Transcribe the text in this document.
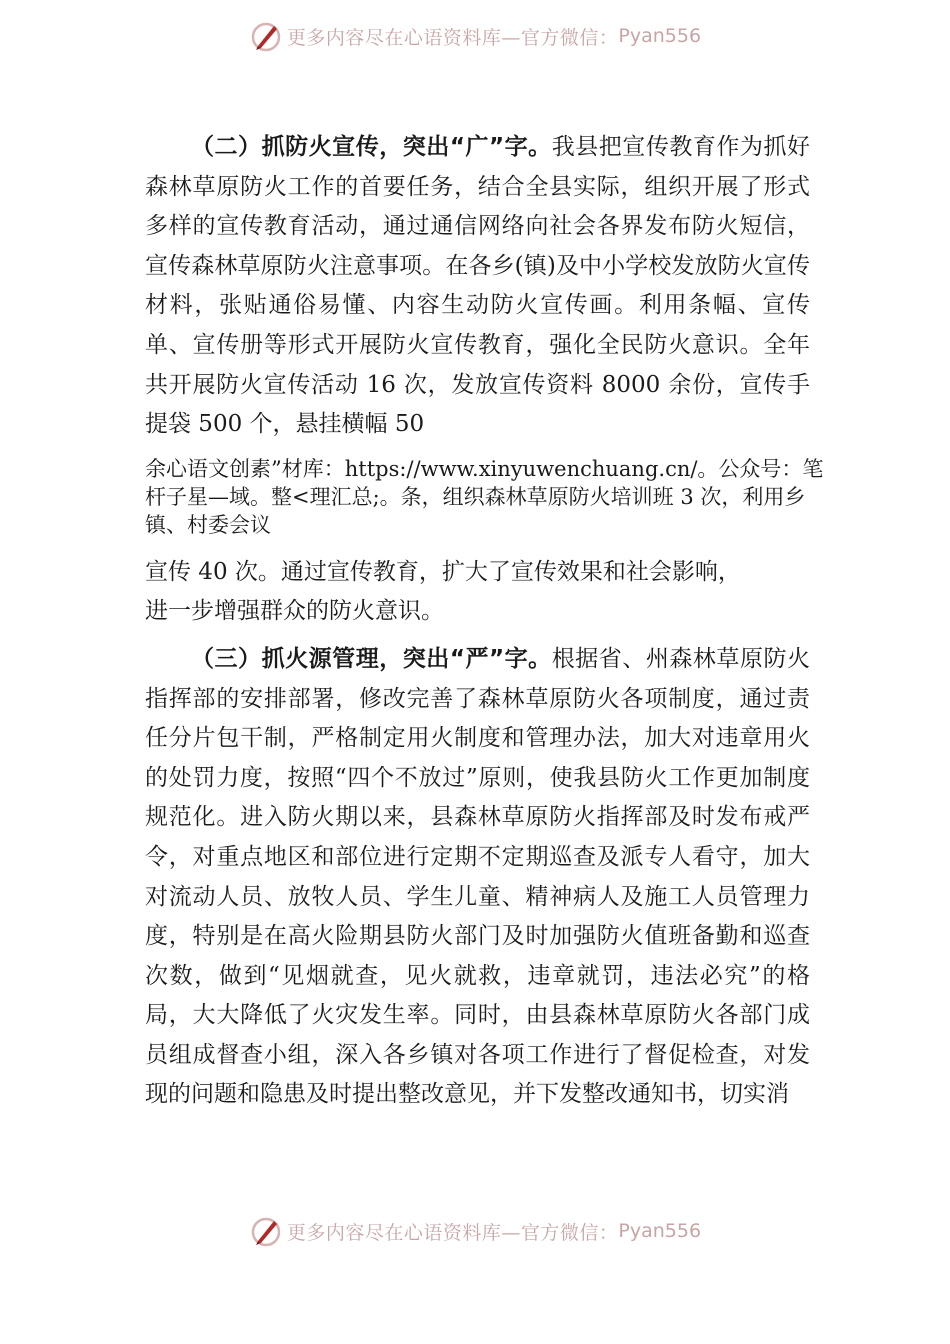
更多内容尽在心语资料库—官方微信： Pyan556

（二）抓防火宣传，突出“广”字。我县把宣传教育作为抓好森林草原防火工作的首要任务，结合全县实际，组织开展了形式多样的宣传教育活动，通过通信网络向社会各界发布防火短信，宣传森林草原防火注意事项。在各乡(镇)及中小学校发放防火宣传材料，张贴通俗易懂、内容生动防火宣传画。利用条幅、宣传单、宣传册等形式开展防火宣传教育，强化全民防火意识。全年共开展防火宣传活动 16 次，发放宣传资料 8000 余份，宣传手提袋 500 个，悬挂横幅 50

余心语文创素”材库：https://www.xinyuwenchuang.cn/。公众号：笔杆子星—域。整<理汇总;。条，组织森林草原防火培训班 3 次，利用乡镇、村委会议

宣传 40 次。通过宣传教育，扩大了宣传效果和社会影响，

进一步增强群众的防火意识。

（三）抓火源管理，突出“严”字。根据省、州森林草原防火指挥部的安排部署，修改完善了森林草原防火各项制度，通过责任分片包干制，严格制定用火制度和管理办法，加大对违章用火的处罚力度，按照“四个不放过”原则，使我县防火工作更加制度规范化。进入防火期以来，县森林草原防火指挥部及时发布戒严令，对重点地区和部位进行定期不定期巡查及派专人看守，加大对流动人员、放牧人员、学生儿童、精神病人及施工人员管理力度，特别是在高火险期县防火部门及时加强防火值班备勤和巡查次数，做到“见烟就查，见火就救，违章就罚，违法必究”的格局，大大降低了火灾发生率。同时，由县森林草原防火各部门成员组成督查小组，深入各乡镇对各项工作进行了督促检查，对发现的问题和隐患及时提出整改意见，并下发整改通知书，切实消

更多内容尽在心语资料库—官方微信： Pyan556
